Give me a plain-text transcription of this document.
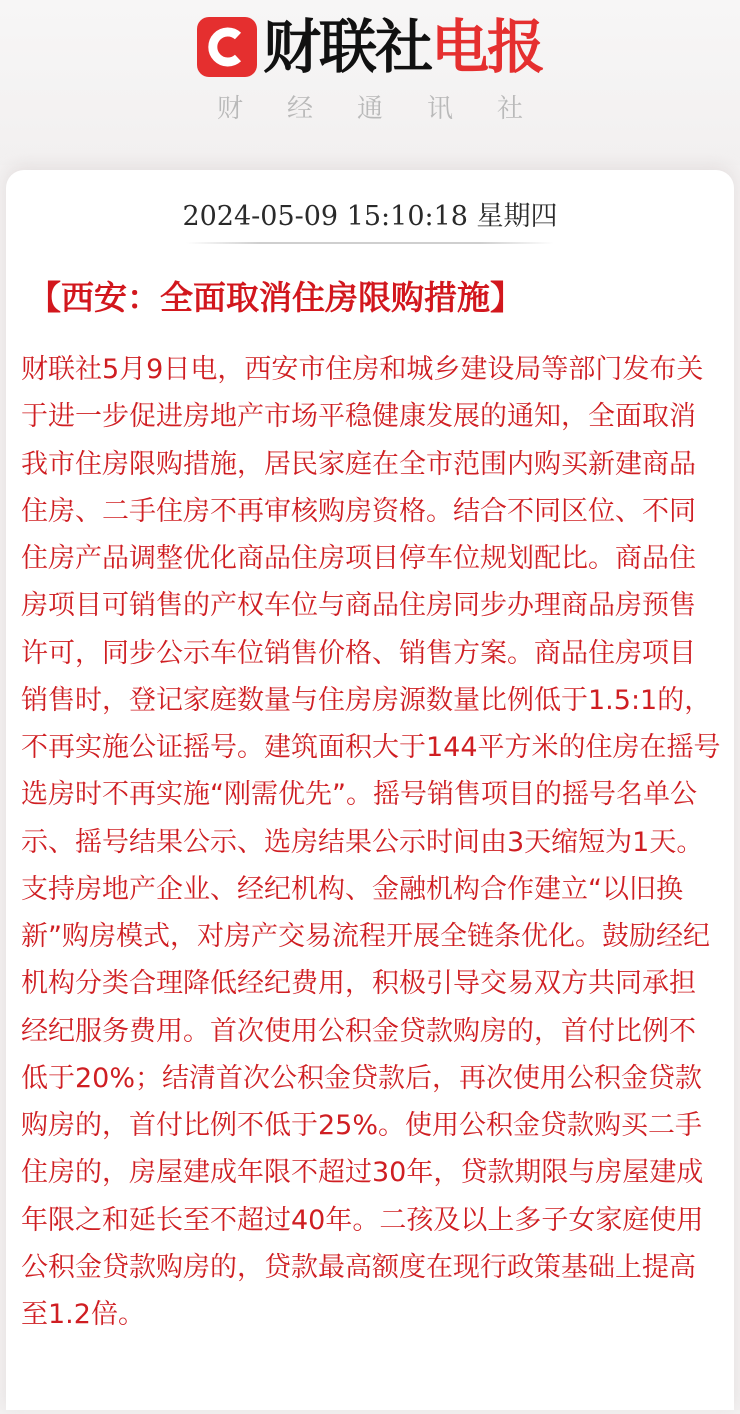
财联社 电报
财经通讯社
2024-05-09 15:10:18 星期四
【西安：全面取消住房限购措施】
财联社5月9日电，西安市住房和城乡建设局等部门发布关于进一步促进房地产市场平稳健康发展的通知，全面取消我市住房限购措施，居民家庭在全市范围内购买新建商品住房、二手住房不再审核购房资格。结合不同区位、不同住房产品调整优化商品住房项目停车位规划配比。商品住房项目可销售的产权车位与商品住房同步办理商品房预售许可，同步公示车位销售价格、销售方案。商品住房项目销售时，登记家庭数量与住房房源数量比例低于1.5:1的，不再实施公证摇号。建筑面积大于144平方米的住房在摇号选房时不再实施“刚需优先”。摇号销售项目的摇号名单公示、摇号结果公示、选房结果公示时间由3天缩短为1天。支持房地产企业、经纪机构、金融机构合作建立“以旧换新”购房模式，对房产交易流程开展全链条优化。鼓励经纪机构分类合理降低经纪费用，积极引导交易双方共同承担经纪服务费用。首次使用公积金贷款购房的，首付比例不低于20%；结清首次公积金贷款后，再次使用公积金贷款购房的，首付比例不低于25%。使用公积金贷款购买二手住房的，房屋建成年限不超过30年，贷款期限与房屋建成年限之和延长至不超过40年。二孩及以上多子女家庭使用公积金贷款购房的，贷款最高额度在现行政策基础上提高至1.2倍。
